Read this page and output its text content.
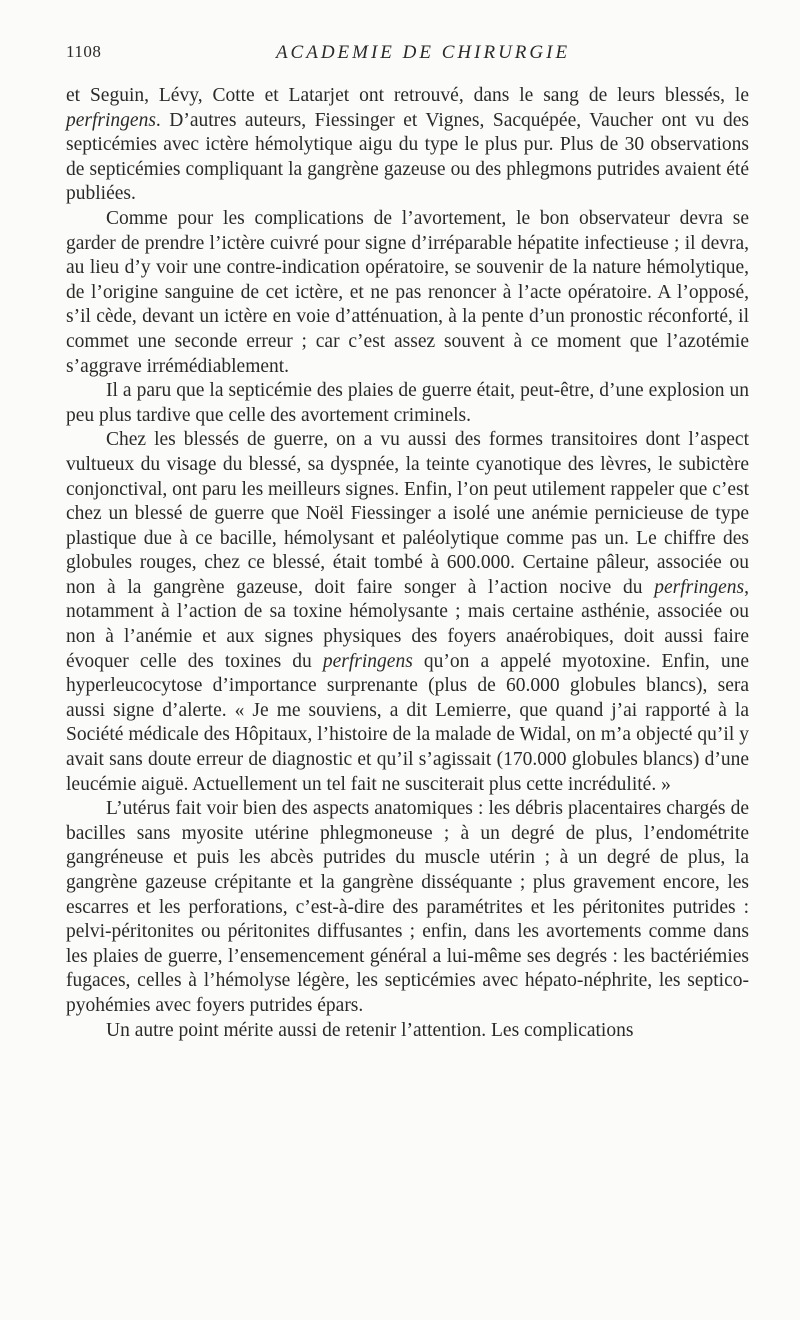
1108	ACADEMIE DE CHIRURGIE

et Seguin, Lévy, Cotte et Latarjet ont retrouvé, dans le sang de leurs blessés, le perfringens. D’autres auteurs, Fiessinger et Vignes, Sacquépée, Vaucher ont vu des septicémies avec ictère hémolytique aigu du type le plus pur. Plus de 30 observations de septicémies compliquant la gangrène gazeuse ou des phlegmons putrides avaient été publiées.

Comme pour les complications de l’avortement, le bon observateur devra se garder de prendre l’ictère cuivré pour signe d’irréparable hépatite infectieuse ; il devra, au lieu d’y voir une contre-indication opératoire, se souvenir de la nature hémolytique, de l’origine sanguine de cet ictère, et ne pas renoncer à l’acte opératoire. A l’opposé, s’il cède, devant un ictère en voie d’atténuation, à la pente d’un pronostic réconforté, il commet une seconde erreur ; car c’est assez souvent à ce moment que l’azotémie s’aggrave irrémédiablement.

Il a paru que la septicémie des plaies de guerre était, peut-être, d’une explosion un peu plus tardive que celle des avortement criminels.

Chez les blessés de guerre, on a vu aussi des formes transitoires dont l’aspect vultueux du visage du blessé, sa dyspnée, la teinte cyanotique des lèvres, le subictère conjonctival, ont paru les meilleurs signes. Enfin, l’on peut utilement rappeler que c’est chez un blessé de guerre que Noël Fiessinger a isolé une anémie pernicieuse de type plastique due à ce bacille, hémolysant et paléolytique comme pas un. Le chiffre des globules rouges, chez ce blessé, était tombé à 600.000. Certaine pâleur, associée ou non à la gangrène gazeuse, doit faire songer à l’action nocive du perfringens, notamment à l’action de sa toxine hémolysante ; mais certaine asthénie, associée ou non à l’anémie et aux signes physiques des foyers anaérobiques, doit aussi faire évoquer celle des toxines du perfringens qu’on a appelé myotoxine. Enfin, une hyperleucocytose d’importance surprenante (plus de 60.000 globules blancs), sera aussi signe d’alerte. « Je me souviens, a dit Lemierre, que quand j’ai rapporté à la Société médicale des Hôpitaux, l’histoire de la malade de Widal, on m’a objecté qu’il y avait sans doute erreur de diagnostic et qu’il s’agissait (170.000 globules blancs) d’une leucémie aiguë. Actuellement un tel fait ne susciterait plus cette incrédulité. »

L’utérus fait voir bien des aspects anatomiques : les débris placentaires chargés de bacilles sans myosite utérine phlegmoneuse ; à un degré de plus, l’endométrite gangréneuse et puis les abcès putrides du muscle utérin ; à un degré de plus, la gangrène gazeuse crépitante et la gangrène disséquante ; plus gravement encore, les escarres et les perforations, c’est-à-dire des paramétrites et les péritonites putrides : pelvi-péritonites ou péritonites diffusantes ; enfin, dans les avortements comme dans les plaies de guerre, l’ensemencement général a lui-même ses degrés : les bactériémies fugaces, celles à l’hémolyse légère, les septicémies avec hépato-néphrite, les septico-pyohémies avec foyers putrides épars.

Un autre point mérite aussi de retenir l’attention. Les complications
